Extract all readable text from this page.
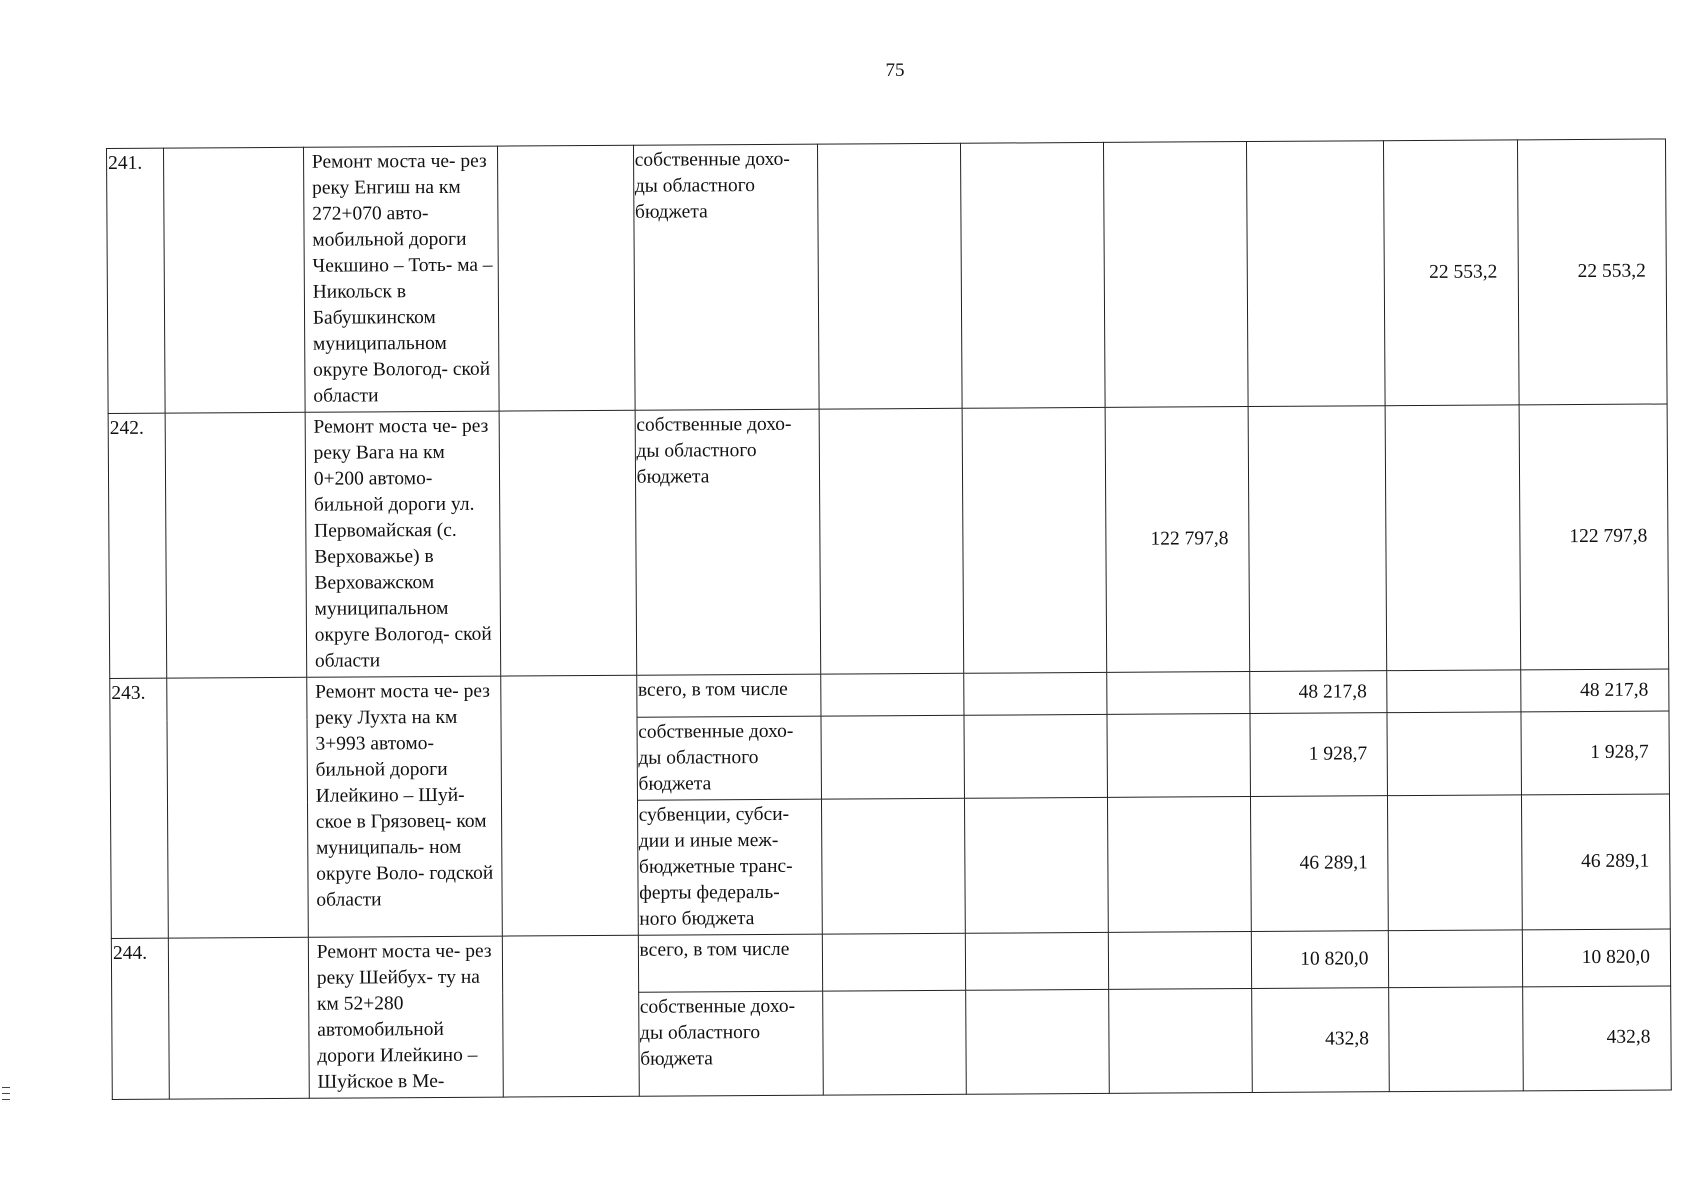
75
241.		Ремонт моста че- рез реку Енгиш на км 272+070 авто- мобильной дороги Чекшино – Тоть- ма – Никольск в Бабушкинском муниципальном округе Вологод- ской области		собственные дохо- ды областного бюджета					22 553,2	22 553,2
242.		Ремонт моста че- рез реку Вага на км 0+200 автомо- бильной дороги ул. Первомайская (с. Верховажье) в Верховажском муниципальном округе Вологод- ской области		собственные дохо- ды областного бюджета			122 797,8			122 797,8
243.		Ремонт моста че- рез реку Лухта на км 3+993 автомо- бильной дороги Илейкино – Шуй- ское в Грязовец- ком муниципаль- ном округе Воло- годской области		всего, в том числе				48 217,8		48 217,8
				собственные дохо- ды областного бюджета				1 928,7		1 928,7
				субвенции, субси- дии и иные меж- бюджетные транс- ферты федераль- ного бюджета				46 289,1		46 289,1
244.		Ремонт моста че- рез реку Шейбух- ту на км 52+280 автомобильной дороги Илейкино – Шуйское в Ме-		всего, в том числе				10 820,0		10 820,0
				собственные дохо- ды областного бюджета				432,8		432,8
